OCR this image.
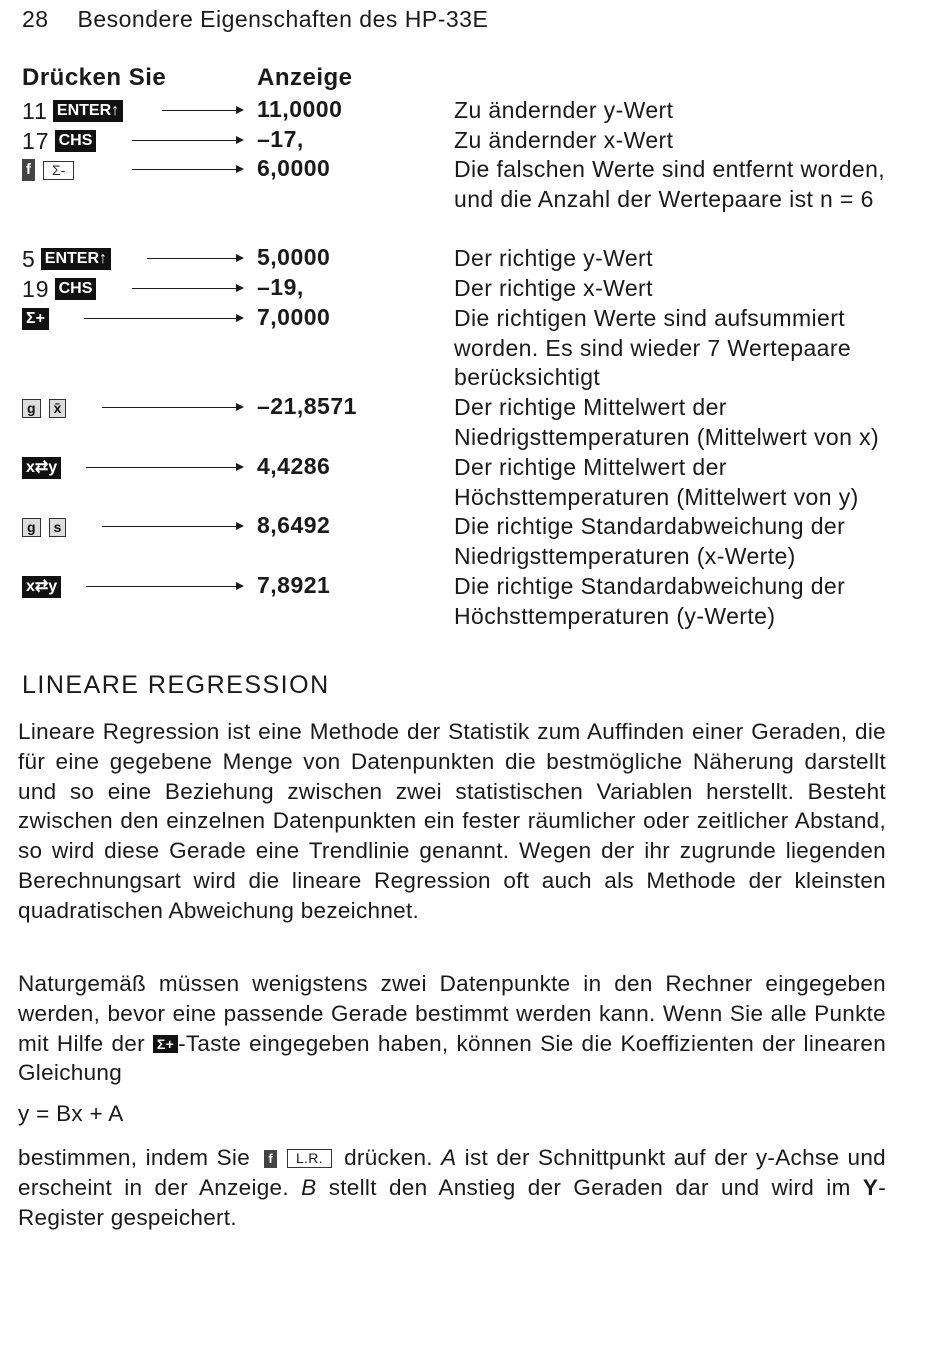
28 Besondere Eigenschaften des HP-33E
Drücken Sie	Anzeige
11 ENTER↑	11,0000	Zu ändernder y-Wert
17 CHS	–17,	Zu ändernder x-Wert
f	Σ-	6,0000	Die falschen Werte sind entfernt worden, und die Anzahl der Wertepaare ist n = 6
5 ENTER↑	5,0000	Der richtige y-Wert
19 CHS	–19,	Der richtige x-Wert
Σ+	7,0000	Die richtigen Werte sind aufsummiert worden. Es sind wieder 7 Wertepaare berücksichtigt
g	x̄	–21,8571	Der richtige Mittelwert der Niedrigsttemperaturen (Mittelwert von x)
x⇄y	4,4286	Der richtige Mittelwert der Höchsttemperaturen (Mittelwert von y)
g	s	8,6492	Die richtige Standardabweichung der Niedrigsttemperaturen (x-Werte)
x⇄y	7,8921	Die richtige Standardabweichung der Höchsttemperaturen (y-Werte)
LINEARE REGRESSION
Lineare Regression ist eine Methode der Statistik zum Auffinden einer Geraden, die für eine gegebene Menge von Datenpunkten die bestmögliche Näherung darstellt und so eine Beziehung zwischen zwei statistischen Variablen herstellt. Besteht zwischen den einzelnen Datenpunkten ein fester räumlicher oder zeitlicher Abstand, so wird diese Gerade eine Trendlinie genannt. Wegen der ihr zugrunde liegenden Berechnungsart wird die lineare Regression oft auch als Methode der kleinsten quadratischen Abweichung bezeichnet.
Naturgemäß müssen wenigstens zwei Datenpunkte in den Rechner eingegeben werden, bevor eine passende Gerade bestimmt werden kann. Wenn Sie alle Punkte mit Hilfe der Σ+ -Taste eingegeben haben, können Sie die Koeffizienten der linearen Gleichung
y = Bx + A
bestimmen, indem Sie f L.R. drücken. A ist der Schnittpunkt auf der y-Achse und erscheint in der Anzeige. B stellt den Anstieg der Geraden dar und wird im Y-Register gespeichert.
